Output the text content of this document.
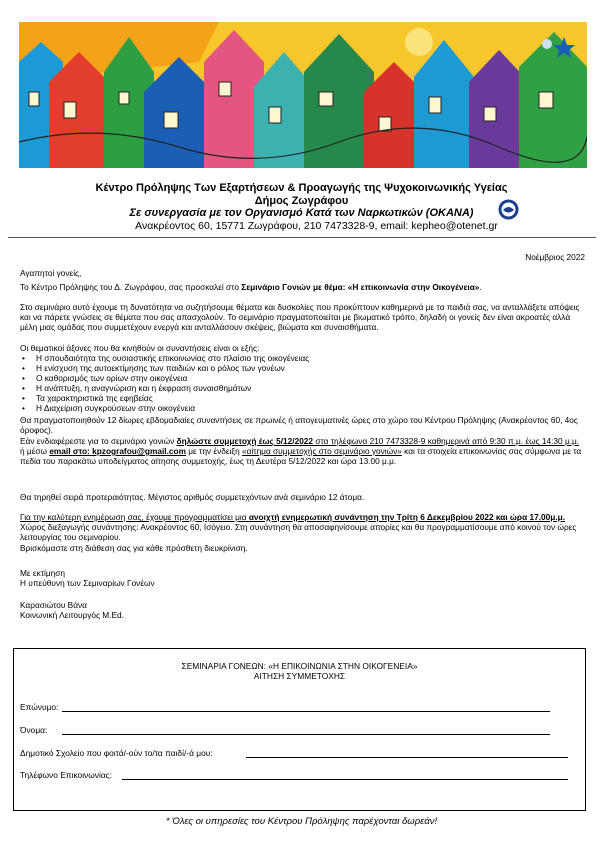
Κέντρο Πρόληψης Των Εξαρτήσεων & Προαγωγής της Ψυχοκοινωνικής Υγείας
Δήμος Ζωγράφου
Σε συνεργασία με τον Οργανισμό Κατά των Ναρκωτικών (ΟΚΑΝΑ)
Ανακρέοντος 60, 15771 Ζωγράφου, 210 7473328-9, email: kepheo@otenet.gr
Νοέμβριος 2022
Αγαπητοί γονείς,
Το Κέντρο Πρόληψης του Δ. Ζωγράφου, σας προσκαλεί στο Σεμινάριο Γονιών με θέμα: «Η επικοινωνία στην Οικογένεια».
Στο σεμινάριο αυτό έχουμε τη δυνατότητα να συζητήσουμε θέματα και δυσκολίες που προκύπτουν καθημερινά με τα παιδιά σας, να ανταλλάξετε απόψεις και να πάρετε γνώσεις σε θέματα που σας απασχολούν. Το σεμινάριο πραγματοποιείται με βιωματικό τρόπο, δηλαδή οι γονείς δεν είναι ακροατές αλλά μέλη μιας ομάδας που συμμετέχουν ενεργά και ανταλλάσουν σκέψεις, βιώματα και συναισθήματα.
Οι θεματικοί άξονες που θα κινηθούν οι συναντήσεις είναι οι εξής:
• Η σπουδαιότητα της ουσιαστικής επικοινωνίας στο πλαίσιο της οικογένειας
• Η ενίσχυση της αυτοεκτίμησης των παιδιών και ο ρόλος των γονέων
• Ο καθορισμός των ορίων στην οικογένεια
• Η ανάπτυξη, η αναγνώριση και η έκφραση συναισθημάτων
• Τα χαρακτηριστικά της εφηβείας
• Η Διαχείριση συγκρούσεων στην οικογένεια
Θα πραγματοποιηθούν 12 δίωρες εβδομαδιαίες συναντήσεις σε πρωινές ή απογευματινές ώρες στο χώρο του Κέντρου Πρόληψης (Ανακρέοντος 60, 4ος όροφος).
Εάν ενδιαφέρεστε για το σεμινάριο γονιών δηλώστε συμμετοχή έως 5/12/2022 στα τηλέφωνα 210 7473328-9 καθημερινά από 9:30 π.μ. έως 14:30 μ.μ. ή μέσω email στο: kpzografou@gmail.com με την ένδειξη «αίτημα συμμετοχής στο σεμινάριο γονιών» και τα στοιχεία επικοινωνίας σας σύμφωνα με τα πεδία του παρακάτω υποδείγματος αίτησης συμμετοχής, έως τη Δευτέρα 5/12/2022 και ώρα 13.00 μ.μ.
Θα τηρηθεί σειρά προτεραιότητας. Μέγιστος αριθμός συμμετεχόντων ανά σεμινάριο 12 άτομα.
Για την καλύτερη ενημέρωση σας, έχουμε προγραμματίσει μια ανοιχτή ενημερωτική συνάντηση την Τρίτη 6 Δεκεμβρίου 2022 και ώρα 17.00μ.μ. Χώρος διεξαγωγής συνάντησης: Ανακρέοντος 60, Ισόγειο. Στη συνάντηση θα αποσαφηνίσουμε απορίες και θα προγραμματίσουμε από κοινού τον ώρες λειτουργίας του σεμιναρίου.
Βρισκόμαστε στη διάθεση σας για κάθε πρόσθετη διευκρίνιση.
Με εκτίμηση
Η υπεύθυνη των Σεμιναρίων Γονέων
Καρασιώτου Βάνα
Κοινωνική Λειτουργός Μ.Ed.
ΣΕΜΙΝΑΡΙΑ ΓΟΝΕΩΝ: «Η ΕΠΙΚΟΙΝΩΝΙΑ ΣΤΗΝ ΟΙΚΟΓΕΝΕΙΑ»
ΑΙΤΗΣΗ ΣΥΜΜΕΤΟΧΗΣ
Επώνυμο:
Όνομα:
Δημοτικό Σχολείο που φοιτά/-ούν το/τα παιδί/-ά μου:
Τηλέφωνο Επικοινωνίας:
* Όλες οι υπηρεσίες του Κέντρου Πρόληψης παρέχονται δωρεάν!
